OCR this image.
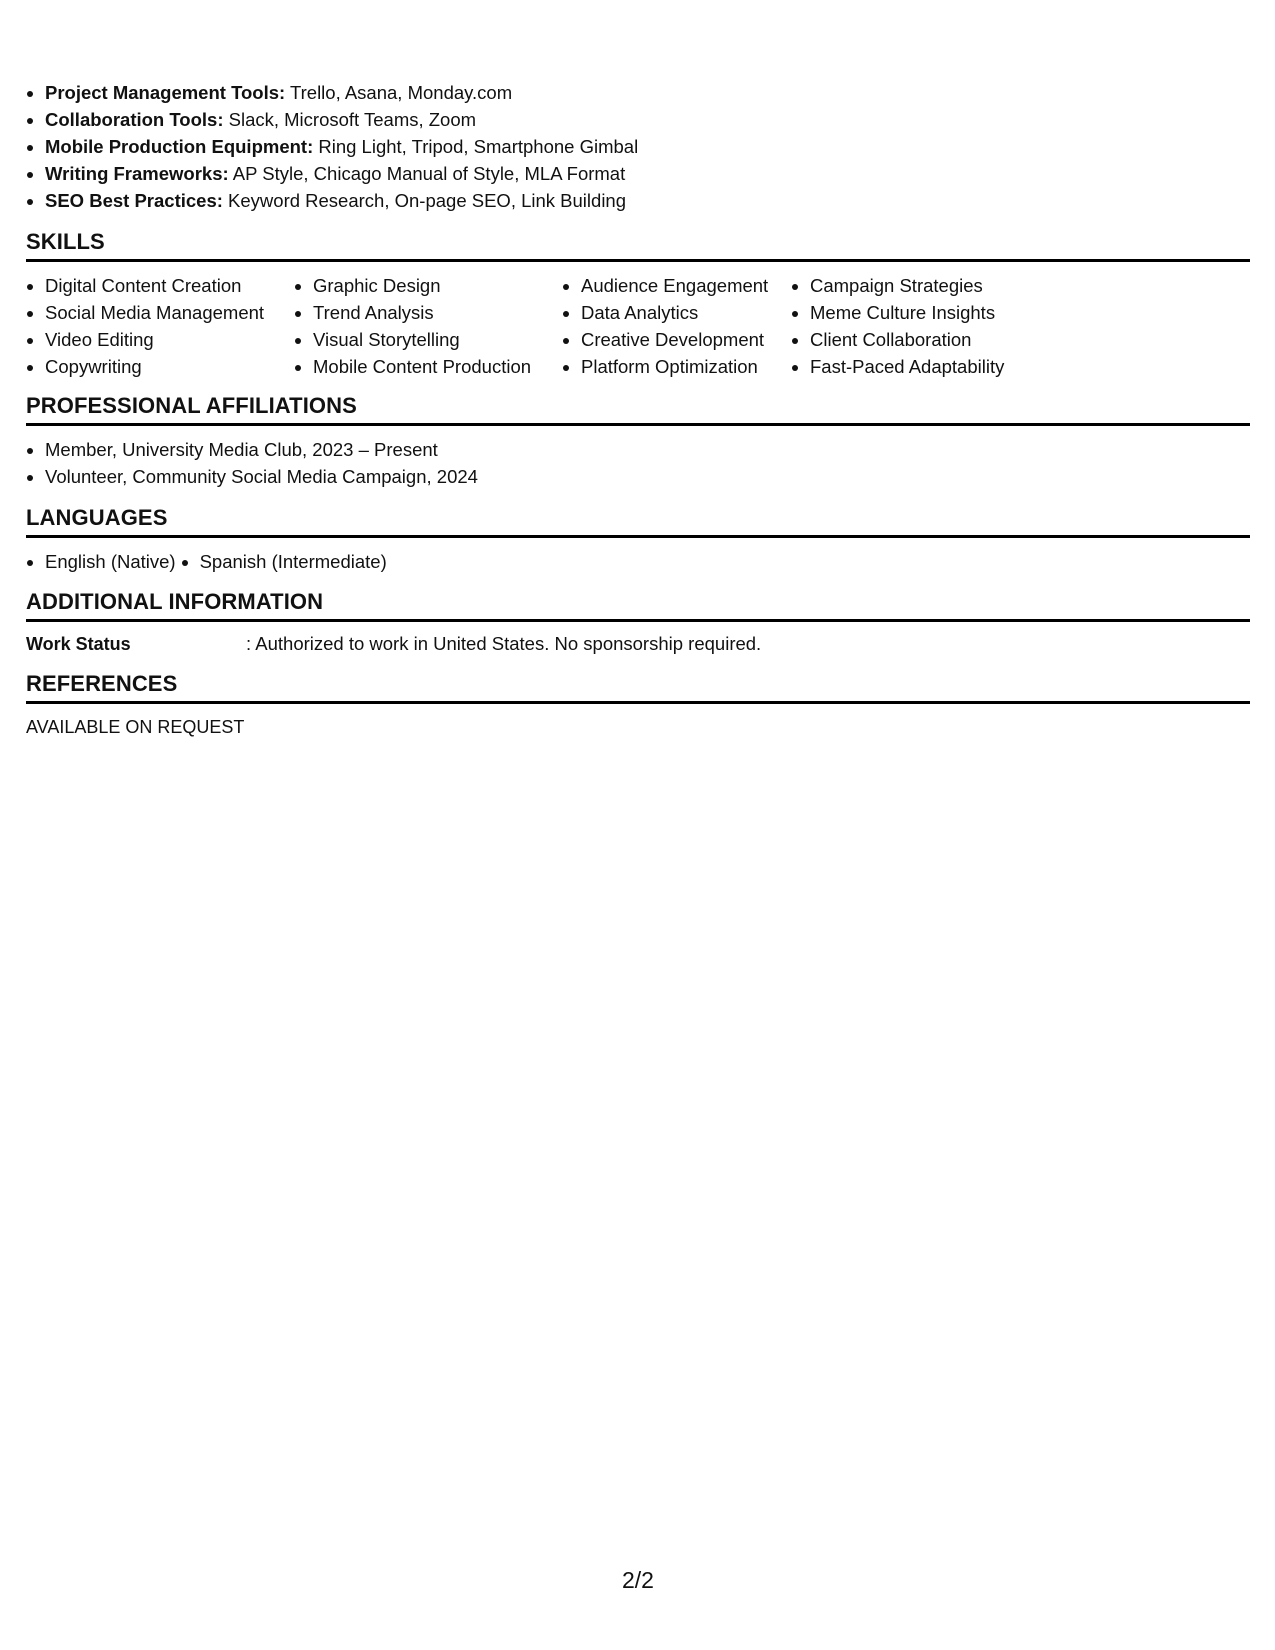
• Project Management Tools: Trello, Asana, Monday.com
• Collaboration Tools: Slack, Microsoft Teams, Zoom
• Mobile Production Equipment: Ring Light, Tripod, Smartphone Gimbal
• Writing Frameworks: AP Style, Chicago Manual of Style, MLA Format
• SEO Best Practices: Keyword Research, On-page SEO, Link Building
SKILLS
• Digital Content Creation
• Social Media Management
• Video Editing
• Copywriting
• Graphic Design
• Trend Analysis
• Visual Storytelling
• Mobile Content Production
• Audience Engagement
• Data Analytics
• Creative Development
• Platform Optimization
• Campaign Strategies
• Meme Culture Insights
• Client Collaboration
• Fast-Paced Adaptability
PROFESSIONAL AFFILIATIONS
• Member, University Media Club, 2023 – Present
• Volunteer, Community Social Media Campaign, 2024
LANGUAGES
• English (Native)
• Spanish (Intermediate)
ADDITIONAL INFORMATION
Work Status	: Authorized to work in United States. No sponsorship required.
REFERENCES
AVAILABLE ON REQUEST
2/2
